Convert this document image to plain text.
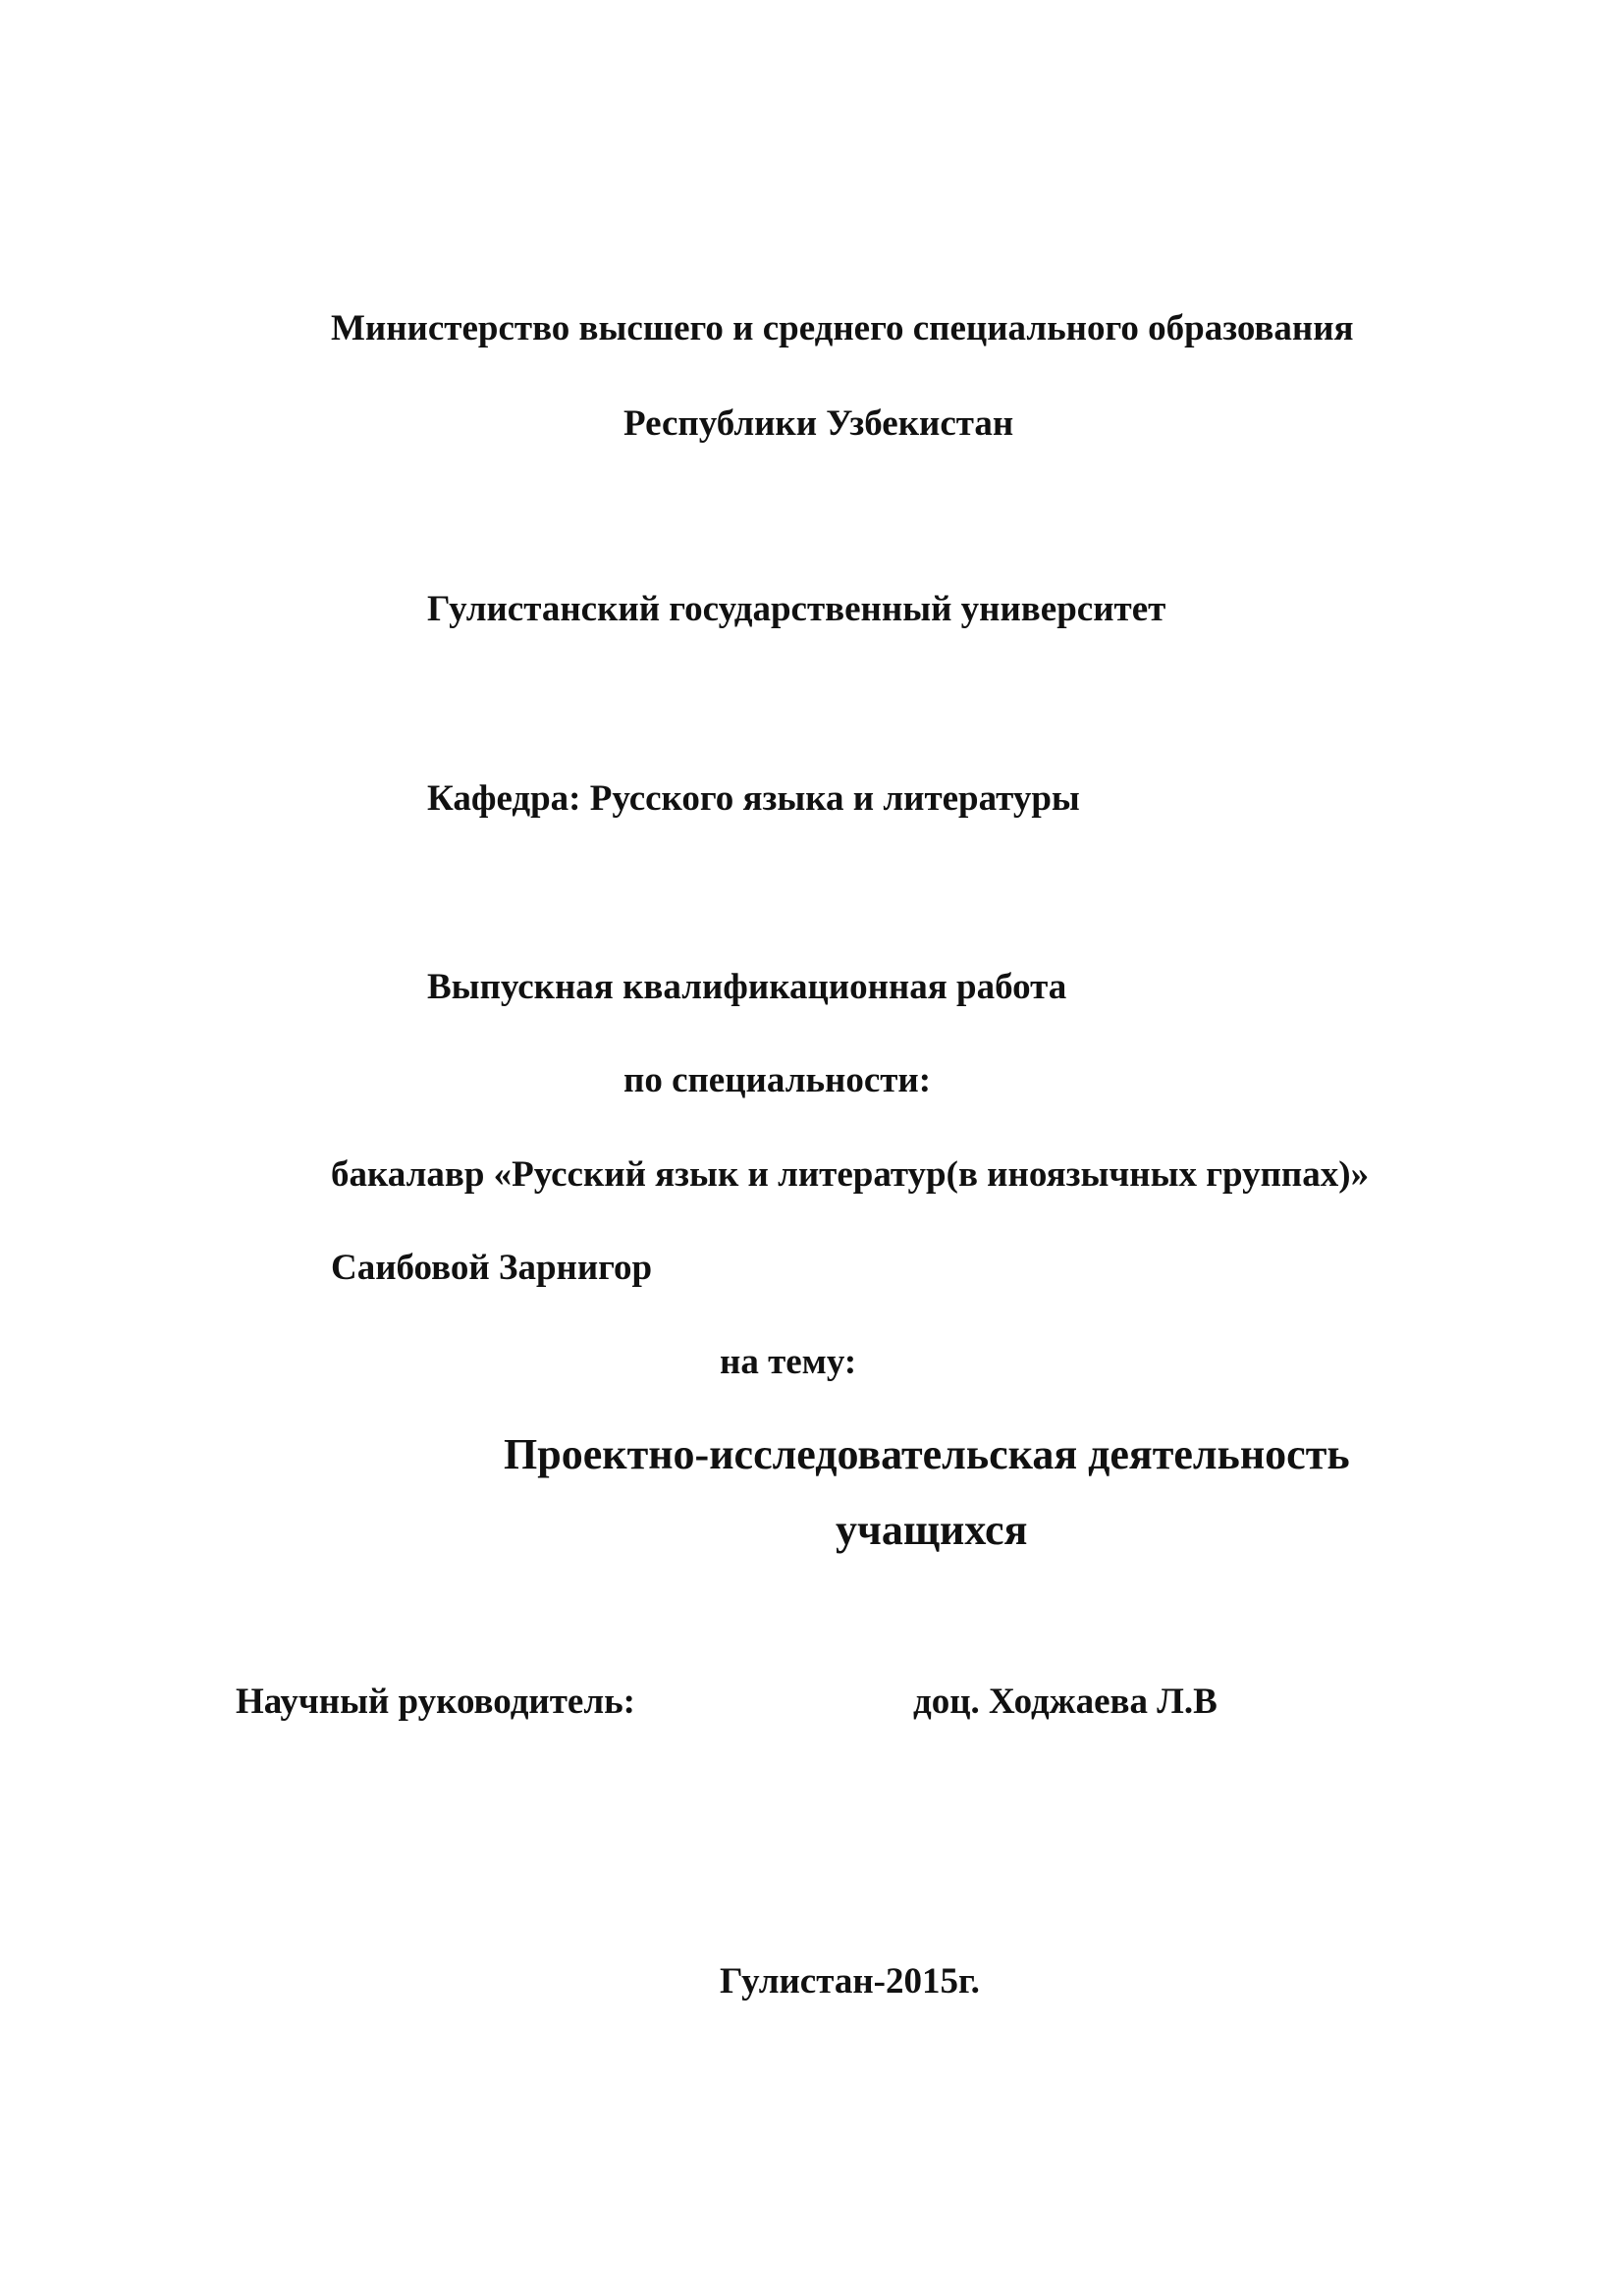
Министерство высшего и среднего специального образования
Республики Узбекистан
Гулистанский государственный университет
Кафедра: Русского языка и литературы
Выпускная квалификационная работа
по специальности:
бакалавр «Русский язык и литератур(в иноязычных группах)»
Саибовой Зарнигор
на тему:
Проектно-исследовательская деятельность
учащихся
Научный руководитель:	доц. Ходжаева Л.В
Гулистан-2015г.
